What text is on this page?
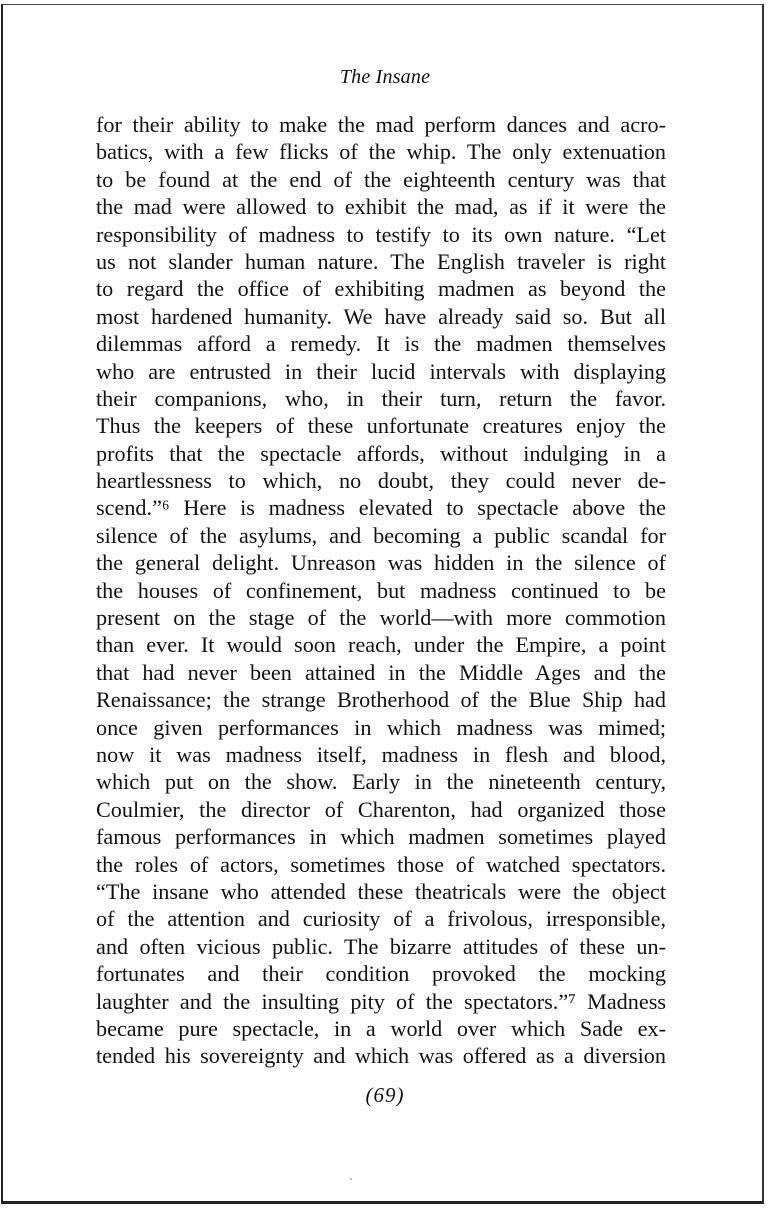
The Insane
for their ability to make the mad perform dances and acro-
batics, with a few flicks of the whip. The only extenuation
to be found at the end of the eighteenth century was that
the mad were allowed to exhibit the mad, as if it were the
responsibility of madness to testify to its own nature. “Let
us not slander human nature. The English traveler is right
to regard the office of exhibiting madmen as beyond the
most hardened humanity. We have already said so. But all
dilemmas afford a remedy. It is the madmen themselves
who are entrusted in their lucid intervals with displaying
their companions, who, in their turn, return the favor.
Thus the keepers of these unfortunate creatures enjoy the
profits that the spectacle affords, without indulging in a
heartlessness to which, no doubt, they could never de-
scend.”⁶ Here is madness elevated to spectacle above the
silence of the asylums, and becoming a public scandal for
the general delight. Unreason was hidden in the silence of
the houses of confinement, but madness continued to be
present on the stage of the world—with more commotion
than ever. It would soon reach, under the Empire, a point
that had never been attained in the Middle Ages and the
Renaissance; the strange Brotherhood of the Blue Ship had
once given performances in which madness was mimed;
now it was madness itself, madness in flesh and blood,
which put on the show. Early in the nineteenth century,
Coulmier, the director of Charenton, had organized those
famous performances in which madmen sometimes played
the roles of actors, sometimes those of watched spectators.
“The insane who attended these theatricals were the object
of the attention and curiosity of a frivolous, irresponsible,
and often vicious public. The bizarre attitudes of these un-
fortunates and their condition provoked the mocking
laughter and the insulting pity of the spectators.”⁷ Madness
became pure spectacle, in a world over which Sade ex-
tended his sovereignty and which was offered as a diversion
(69)
